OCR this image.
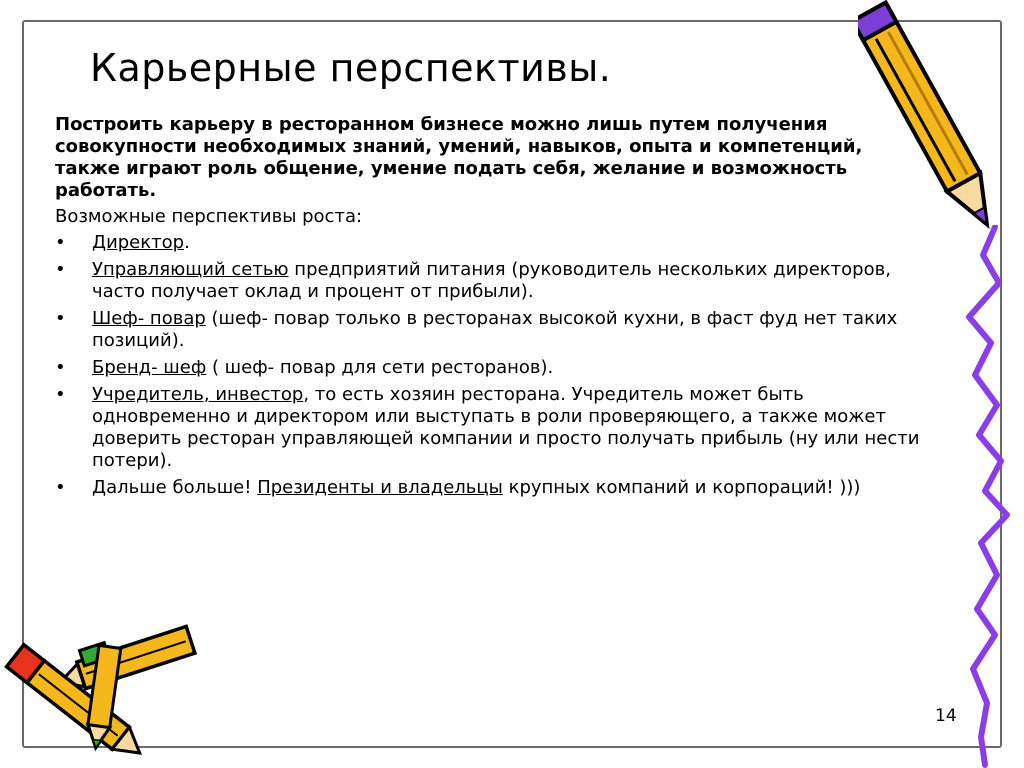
Карьерные перспективы.
Построить карьеру в ресторанном бизнесе можно лишь путем получения совокупности необходимых знаний, умений, навыков, опыта и компетенций, также играют роль общение, умение подать себя, желание и возможность работать.
Возможные перспективы роста:
• Директор.
• Управляющий сетью предприятий питания (руководитель нескольких директоров, часто получает оклад и процент от прибыли).
• Шеф- повар (шеф- повар только в ресторанах высокой кухни, в фаст фуд нет таких позиций).
• Бренд- шеф ( шеф- повар для сети ресторанов).
• Учредитель, инвестор, то есть хозяин ресторана. Учредитель может быть одновременно и директором или выступать в роли проверяющего, а также может доверить ресторан управляющей компании и просто получать прибыль (ну или нести потери).
• Дальше больше! Президенты и владельцы крупных компаний и корпораций! )))
14
